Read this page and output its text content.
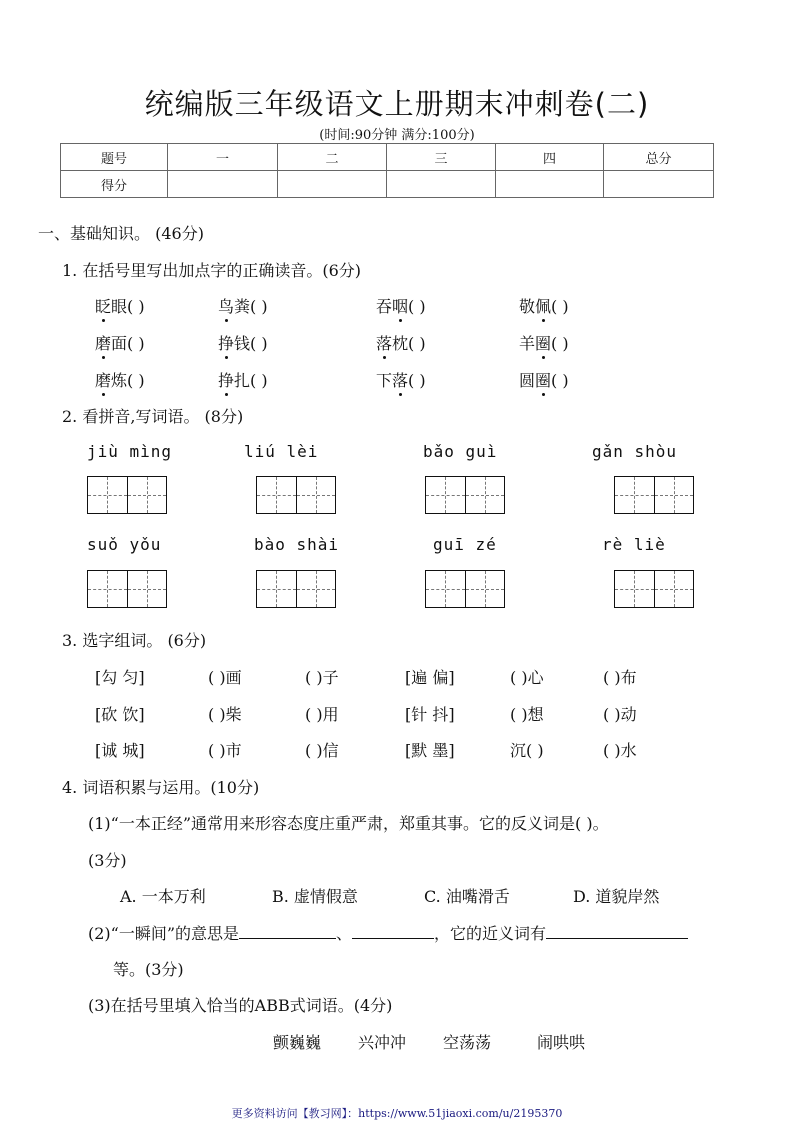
统编版三年级语文上册期末冲刺卷(二)
(时间:90分钟 满分:100分)
题号	一	二	三	四	总分
得分					
一、基础知识。 (46分)
1. 在括号里写出加点字的正确读音。(6分)
眨眼( )	鸟粪( )	吞咽( )	敬佩( )
磨面( )	挣钱( )	落枕( )	羊圈( )
磨炼( )	挣扎( )	下落( )	圆圈( )
2. 看拼音,写词语。 (8分)
jiù mìng	liú lèi	bǎo guì	gǎn shòu
suǒ yǒu	bào shài	guī zé	rè liè
3. 选字组词。 (6分)
[勾 匀]	( )画	( )子	[遍 偏]	( )心	( )布
[砍 饮]	( )柴	( )用	[针 抖]	( )想	( )动
[诚 城]	( )市	( )信	[默 墨]	沉( )	( )水
4. 词语积累与运用。(10分)
(1)“一本正经”通常用来形容态度庄重严肃，郑重其事。它的反义词是( )。
(3分)
A. 一本万利	B. 虚情假意	C. 油嘴滑舌	D. 道貌岸然
(2)“一瞬间”的意思是	、	，它的近义词有
等。(3分)
(3)在括号里填入恰当的ABB式词语。(4分)
颤巍巍 兴冲冲 空荡荡	闹哄哄
更多资料访问【教习网】：https://www.51jiaoxi.com/u/2195370
